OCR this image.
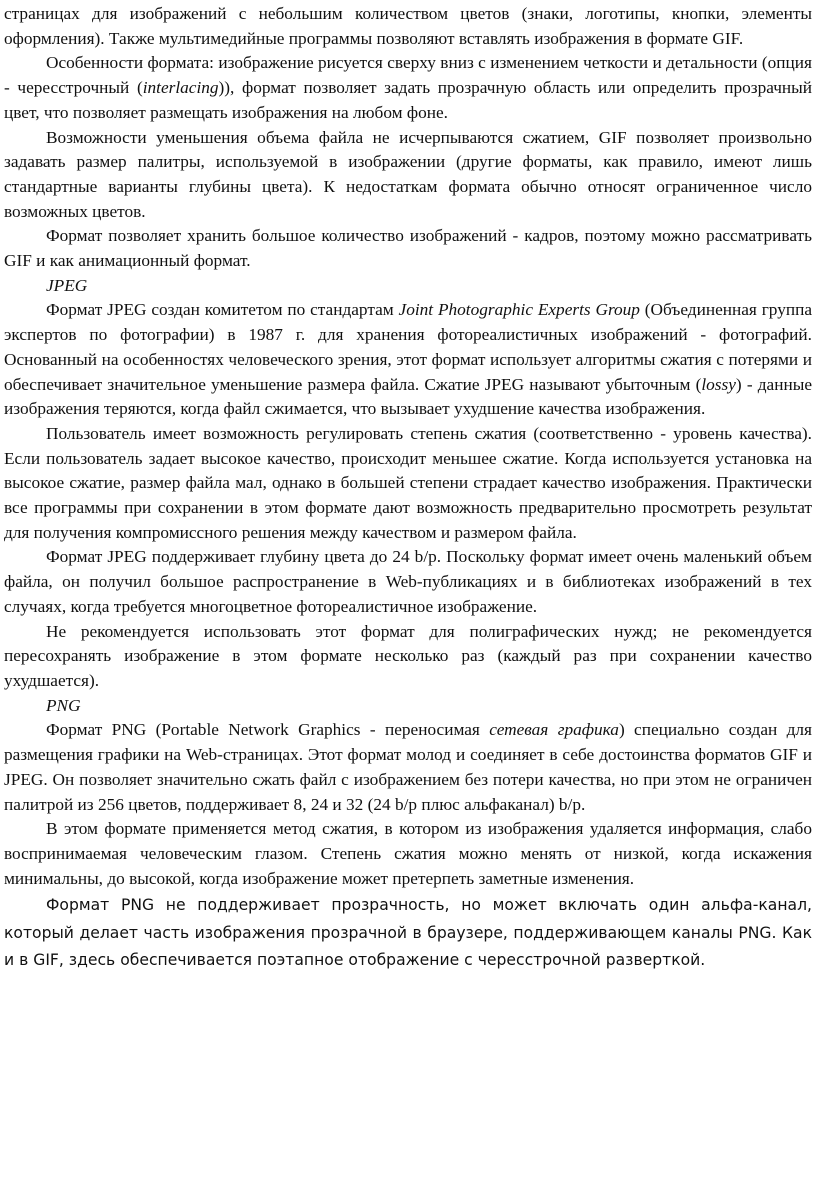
страницах для изображений с небольшим количеством цветов (знаки, логотипы, кнопки, элементы оформления). Также мультимедийные программы позволяют вставлять изображения в формате GIF.

Особенности формата: изображение рисуется сверху вниз с изменением четкости и детальности (опция - чересстрочный (interlacing)), формат позволяет задать прозрачную область или определить прозрачный цвет, что позволяет размещать изображения на любом фоне.

Возможности уменьшения объема файла не исчерпываются сжатием, GIF позволяет произвольно задавать размер палитры, используемой в изображении (другие форматы, как правило, имеют лишь стандартные варианты глубины цвета). К недостаткам формата обычно относят ограниченное число возможных цветов.

Формат позволяет хранить большое количество изображений - кадров, поэтому можно рассматривать GIF и как анимационный формат.

JPEG

Формат JPEG создан комитетом по стандартам Joint Photographic Experts Group (Объединенная группа экспертов по фотографии) в 1987 г. для хранения фотореалистичных изображений - фотографий. Основанный на особенностях человеческого зрения, этот формат использует алгоритмы сжатия с потерями и обеспечивает значительное уменьшение размера файла. Сжатие JPEG называют убыточным (lossy) - данные изображения теряются, когда файл сжимается, что вызывает ухудшение качества изображения.

Пользователь имеет возможность регулировать степень сжатия (соответственно - уровень качества). Если пользователь задает высокое качество, происходит меньшее сжатие. Когда используется установка на высокое сжатие, размер файла мал, однако в большей степени страдает качество изображения. Практически все программы при сохранении в этом формате дают возможность предварительно просмотреть результат для получения компромиссного решения между качеством и размером файла.

Формат JPEG поддерживает глубину цвета до 24 b/p. Поскольку формат имеет очень маленький объем файла, он получил большое распространение в Web-публикациях и в библиотеках изображений в тех случаях, когда требуется многоцветное фотореалистичное изображение.

Не рекомендуется использовать этот формат для полиграфических нужд; не рекомендуется пересохранять изображение в этом формате несколько раз (каждый раз при сохранении качество ухудшается).

PNG

Формат PNG (Portable Network Graphics - переносимая сетевая графика) специально создан для размещения графики на Web-страницах. Этот формат молод и соединяет в себе достоинства форматов GIF и JPEG. Он позволяет значительно сжать файл с изображением без потери качества, но при этом не ограничен палитрой из 256 цветов, поддерживает 8, 24 и 32 (24 b/p плюс альфаканал) b/p.

В этом формате применяется метод сжатия, в котором из изображения удаляется информация, слабо воспринимаемая человеческим глазом. Степень сжатия можно менять от низкой, когда искажения минимальны, до высокой, когда изображение может претерпеть заметные изменения.

Формат PNG не поддерживает прозрачность, но может включать один альфа-канал, который делает часть изображения прозрачной в браузере, поддерживающем каналы PNG. Как и в GIF, здесь обеспечивается поэтапное отображение с чересстрочной разверткой.
